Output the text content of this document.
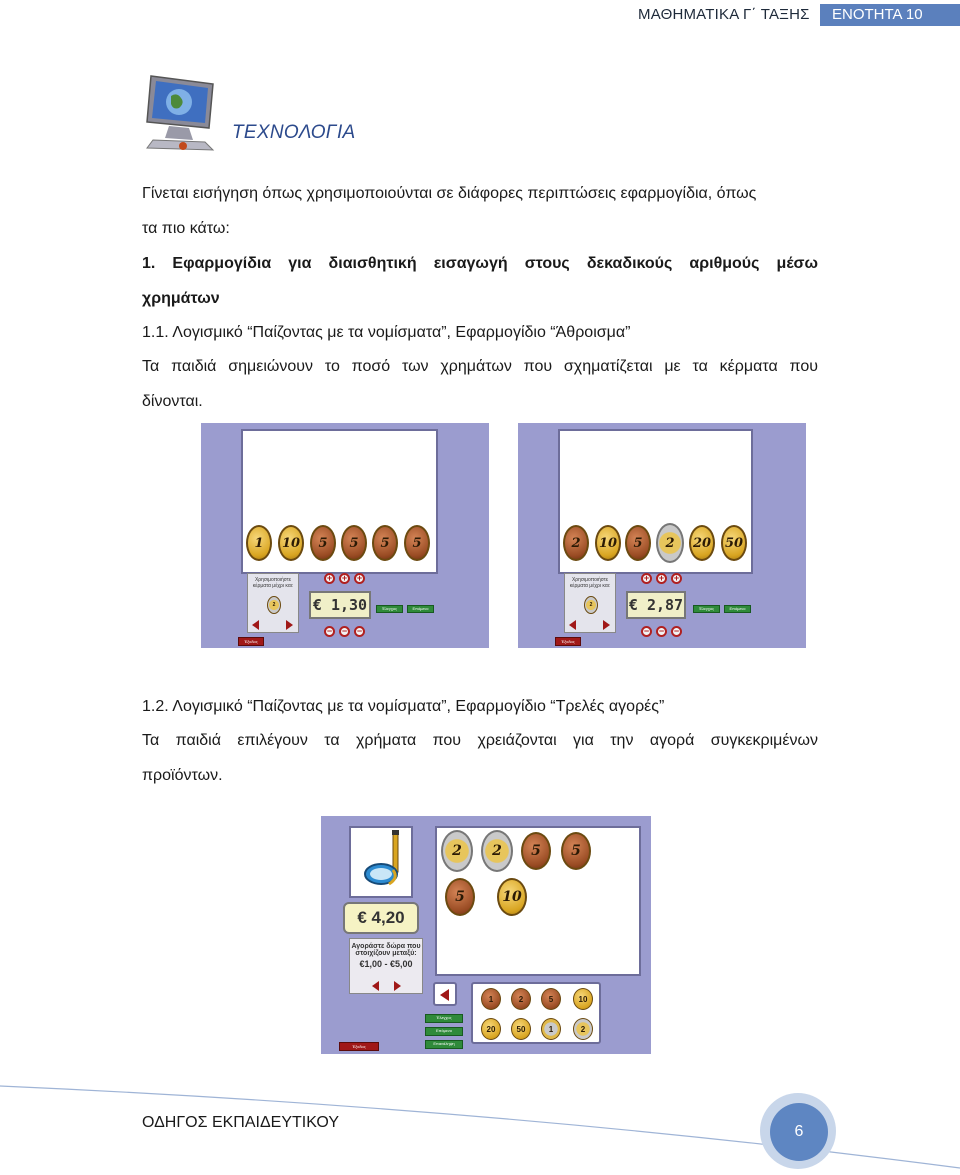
ΜΑΘΗΜΑΤΙΚΑ Γ΄ ΤΑΞΗΣ	ΕΝΟΤΗΤΑ 10
ΤΕΧΝΟΛΟΓΙΑ
Γίνεται εισήγηση όπως χρησιμοποιούνται σε διάφορες περιπτώσεις εφαρμογίδια, όπως
τα πιο κάτω:
1. Εφαρμογίδια για διαισθητική εισαγωγή στους δεκαδικούς αριθμούς μέσω
χρημάτων
1.1. Λογισμικό “Παίζοντας με τα νομίσματα”, Εφαρμογίδιο “Άθροισμα”
Τα παιδιά σημειώνουν το ποσό των χρημάτων που σχηματίζεται με τα κέρματα που
δίνονται.
1	10	5	5	5	5
Χρησιμοποιήστε κέρματα μέχρι και:
2
+	+	+
€ 1,30
−	−	−
Έλεγχος	Επόμενο
Έξοδος
2	10	5	2	20	50
Χρησιμοποιήστε κέρματα μέχρι και:
2
+	+	+
€ 2,87
−	−	−
Έλεγχος	Επόμενο
Έξοδος
1.2. Λογισμικό “Παίζοντας με τα νομίσματα”, Εφαρμογίδιο “Τρελές αγορές”
Τα παιδιά επιλέγουν τα χρήματα που χρειάζονται για την αγορά συγκεκριμένων
προϊόντων.
€ 4,20
Αγοράστε δώρα που
στοιχίζουν μεταξύ:
€1,00 - €5,00
2	2	5	5
5	10
1	2	5	10
20	50	1	2
Έλεγχος
Επόμενο
Επανάληψη
Έξοδος
ΟΔΗΓΟΣ ΕΚΠΑΙΔΕΥΤΙΚΟΥ
6
